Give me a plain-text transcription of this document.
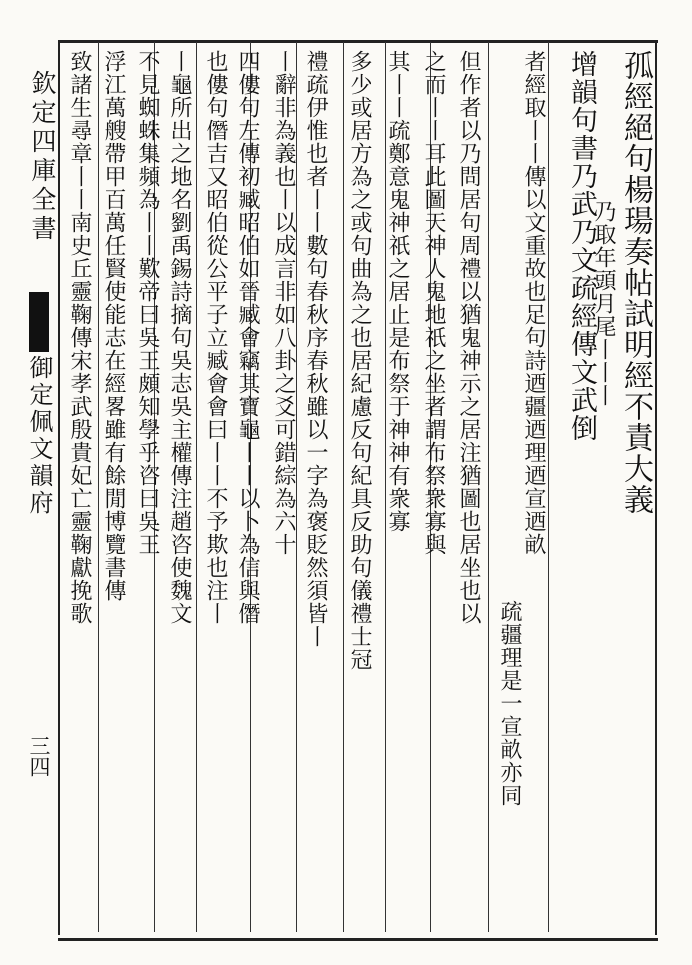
欽定四庫全書
御定佩文韻府
三四
孤經絕句楊瑒奏帖試明經不責大義
乃取年頭月尾丨丨丨
增韻句書乃武乃文疏經傳文武倒
者經取丨丨傳以文重故也足句詩迺疆迺理迺宣迺畝
疏疆理是一宣畝亦同
但作者以乃問居句周禮以猶鬼神示之居注猶圖也居坐也以
之而丨丨耳此圖天神人鬼地祇之坐者謂布祭衆寡與
其丨丨疏鄭意鬼神祇之居止是布祭于神神有衆寡
多少或居方為之或句曲為之也居紀慮反句紀具反助句儀禮士冠
禮疏伊惟也者丨丨數句春秋序春秋雖以一字為褒貶然須皆丨
丨辭非為義也丨以成言非如八卦之爻可錯綜為六十
四僂句左傳初臧昭伯如晉臧會竊其寶龜丨丨以卜為信與僭
也僂句僭吉又昭伯從公平子立臧會會曰丨丨不予欺也注丨
丨龜所出之地名劉禹錫詩摘句吳志吳主權傳注趙咨使魏文
不見蜘蛛集頻為丨丨歎帝曰吳王頗知學乎咨曰吳王
浮江萬艘帶甲百萬任賢使能志在經畧雖有餘閒博覽書傳
致諸生尋章丨丨南史丘靈鞠傳宋孝武殷貴妃亡靈鞠獻挽歌
